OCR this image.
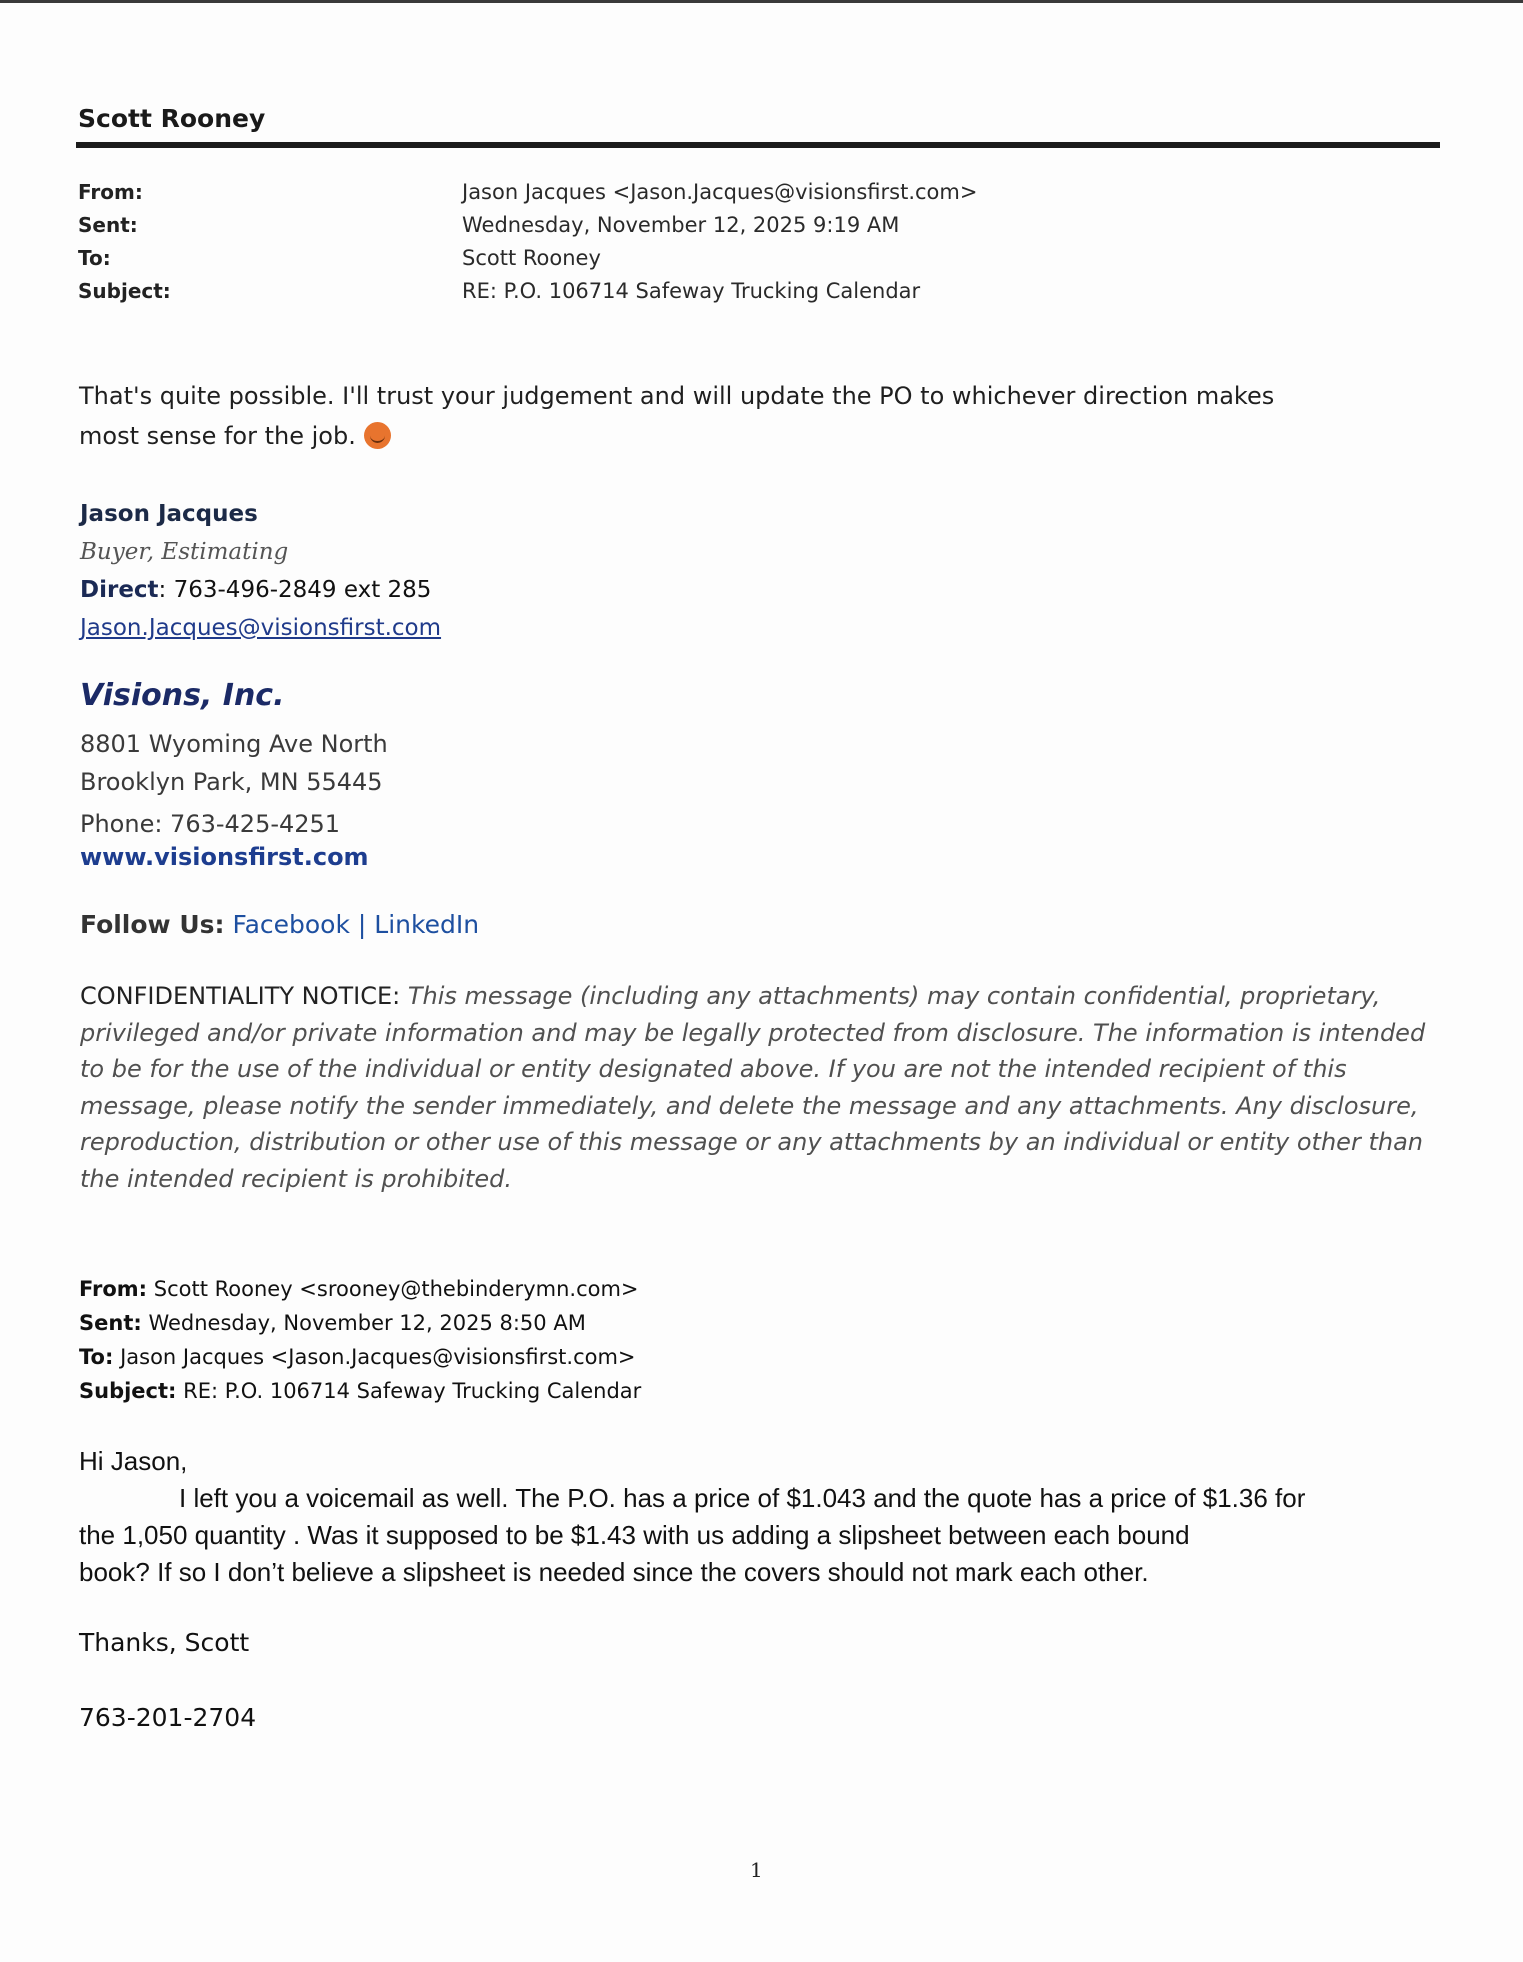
Scott Rooney
From:	Jason Jacques <Jason.Jacques@visionsfirst.com>
Sent:	Wednesday, November 12, 2025 9:19 AM
To:	Scott Rooney
Subject:	RE: P.O. 106714 Safeway Trucking Calendar
That's quite possible. I'll trust your judgement and will update the PO to whichever direction makes
most sense for the job.
Jason Jacques
Buyer, Estimating
Direct: 763-496-2849 ext 285
Jason.Jacques@visionsfirst.com
Visions, Inc.
8801 Wyoming Ave North
Brooklyn Park, MN 55445
Phone: 763-425-4251
www.visionsfirst.com
Follow Us: Facebook | LinkedIn
CONFIDENTIALITY NOTICE: This message (including any attachments) may contain confidential, proprietary, privileged and/or private information and may be legally protected from disclosure. The information is intended to be for the use of the individual or entity designated above. If you are not the intended recipient of this message, please notify the sender immediately, and delete the message and any attachments. Any disclosure, reproduction, distribution or other use of this message or any attachments by an individual or entity other than the intended recipient is prohibited.
From: Scott Rooney <srooney@thebinderymn.com>
Sent: Wednesday, November 12, 2025 8:50 AM
To: Jason Jacques <Jason.Jacques@visionsfirst.com>
Subject: RE: P.O. 106714 Safeway Trucking Calendar
Hi Jason,
I left you a voicemail as well. The P.O. has a price of $1.043 and the quote has a price of $1.36 for
the 1,050 quantity . Was it supposed to be $1.43 with us adding a slipsheet between each bound
book? If so I don’t believe a slipsheet is needed since the covers should not mark each other.
Thanks, Scott
763-201-2704
1
